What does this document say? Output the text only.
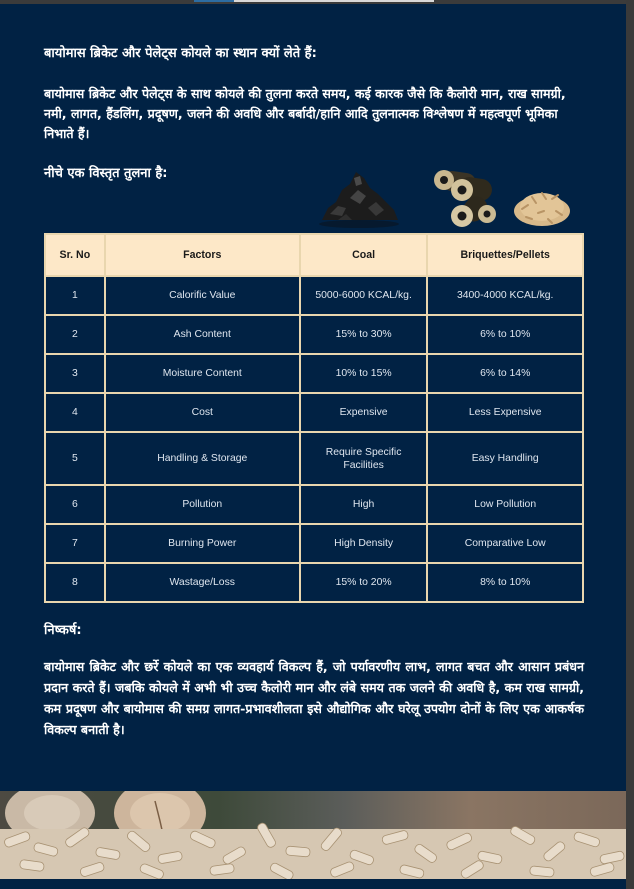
बायोमास ब्रिकेट और पेलेट्स कोयले का स्थान क्यों लेते हैं:
बायोमास ब्रिकेट और पेलेट्स के साथ कोयले की तुलना करते समय, कई कारक जैसे कि कैलोरी मान, राख सामग्री, नमी, लागत, हैंडलिंग, प्रदूषण, जलने की अवधि और बर्बादी/हानि आदि तुलनात्मक विश्लेषण में महत्वपूर्ण भूमिका निभाते हैं।
नीचे एक विस्तृत तुलना है:
Sr. No	Factors	Coal	Briquettes/Pellets
1	Calorific Value	5000-6000 KCAL/kg.	3400-4000 KCAL/kg.
2	Ash Content	15% to 30%	6% to 10%
3	Moisture Content	10% to 15%	6% to 14%
4	Cost	Expensive	Less Expensive
5	Handling & Storage	Require Specific Facilities	Easy Handling
6	Pollution	High	Low Pollution
7	Burning Power	High Density	Comparative Low
8	Wastage/Loss	15% to 20%	8% to 10%
निष्कर्ष:
बायोमास ब्रिकेट और छर्रे कोयले का एक व्यवहार्य विकल्प हैं, जो पर्यावरणीय लाभ, लागत बचत और आसान प्रबंधन प्रदान करते हैं। जबकि कोयले में अभी भी उच्च कैलोरी मान और लंबे समय तक जलने की अवधि है, कम राख सामग्री, कम प्रदूषण और बायोमास की समग्र लागत-प्रभावशीलता इसे औद्योगिक और घरेलू उपयोग दोनों के लिए एक आकर्षक विकल्प बनाती है।
